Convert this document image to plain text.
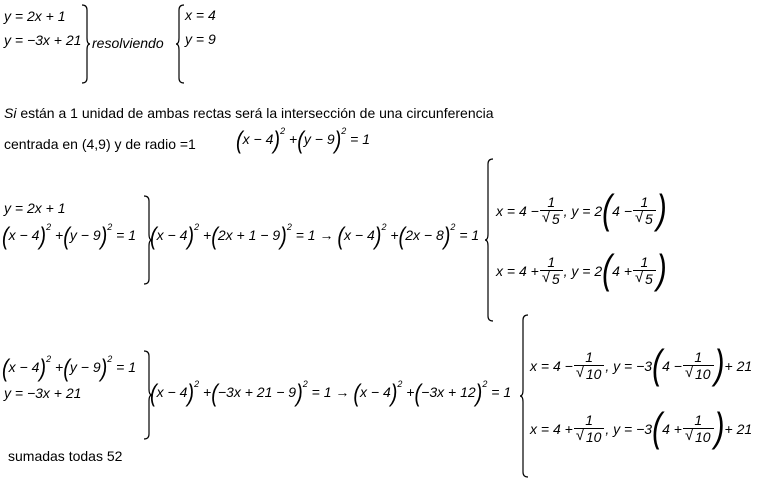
y = 2x + 1
y = −3x + 21 resolviendo
x = 4
y = 9
Si están a 1 unidad de ambas rectas será la intersección de una circunferencia
centrada en (4,9) y de radio =1 $(x - 4)^2 +(y - 9)^2 = 1$
y = 2x + 1
$(x - 4)^2 +(y - 9)^2 = 1$ $(x - 4)^2 +(2x + 1 - 9)^2 = 1 \to (x - 4)^2 +(2x - 8)^2 = 1$
x = 4 − 1
√ 5 , y = 2 ( 4 − 1
√ 5 )
x = 4 + 1
√ 5 , y = 2 ( 4 + 1
√ 5 )
$(x - 4)^2 +(y - 9)^2 = 1$
y = −3x + 21	$(x - 4)^2 +(-3x + 21 - 9)^2 = 1 \to (x - 4)^2 +(-3x + 12)^2 = 1$
x = 4 − 1
√ 10 , y = −3 ( 4 − 1
√ 10 ) + 21
x = 4 + 1
√ 10 , y = −3 ( 4 + 1
√ 10 ) + 21
sumadas todas 52
